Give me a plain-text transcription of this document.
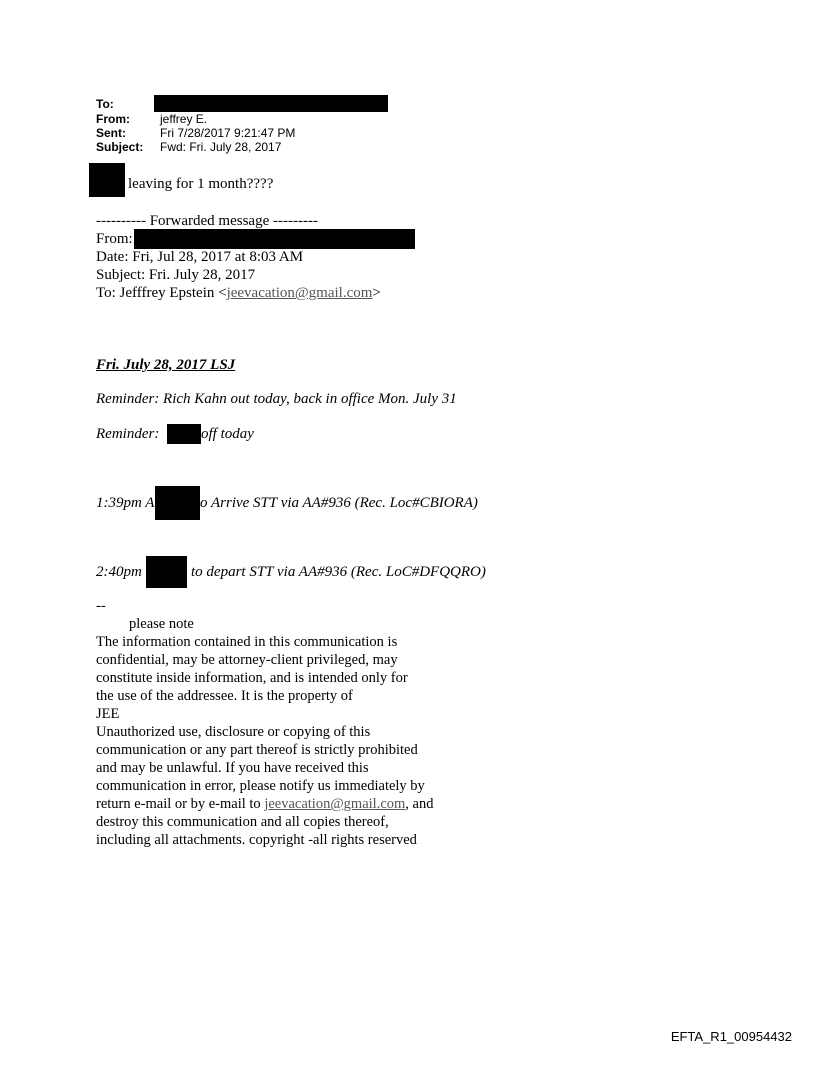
To:
From:	jeffrey E.
Sent:	Fri 7/28/2017 9:21:47 PM
Subject: Fwd: Fri. July 28, 2017
leaving for 1 month????
---------- Forwarded message ---------
From:
Date: Fri, Jul 28, 2017 at 8:03 AM
Subject: Fri. July 28, 2017
To: Jefffrey Epstein <jeevacation@gmail.com>
Fri. July 28, 2017 LSJ
Reminder: Rich Kahn out today, back in office Mon. July 31
Reminder:	off today
1:39pm A	o Arrive STT via AA#936 (Rec. Loc#CBIORA)
2:40pm	to depart STT via AA#936 (Rec. LoC#DFQQRO)
--
please note
The information contained in this communication is
confidential, may be attorney-client privileged, may
constitute inside information, and is intended only for
the use of the addressee. It is the property of
JEE
Unauthorized use, disclosure or copying of this
communication or any part thereof is strictly prohibited
and may be unlawful. If you have received this
communication in error, please notify us immediately by
return e-mail or by e-mail to jeevacation@gmail.com, and
destroy this communication and all copies thereof,
including all attachments. copyright -all rights reserved
EFTA_R1_00954432
